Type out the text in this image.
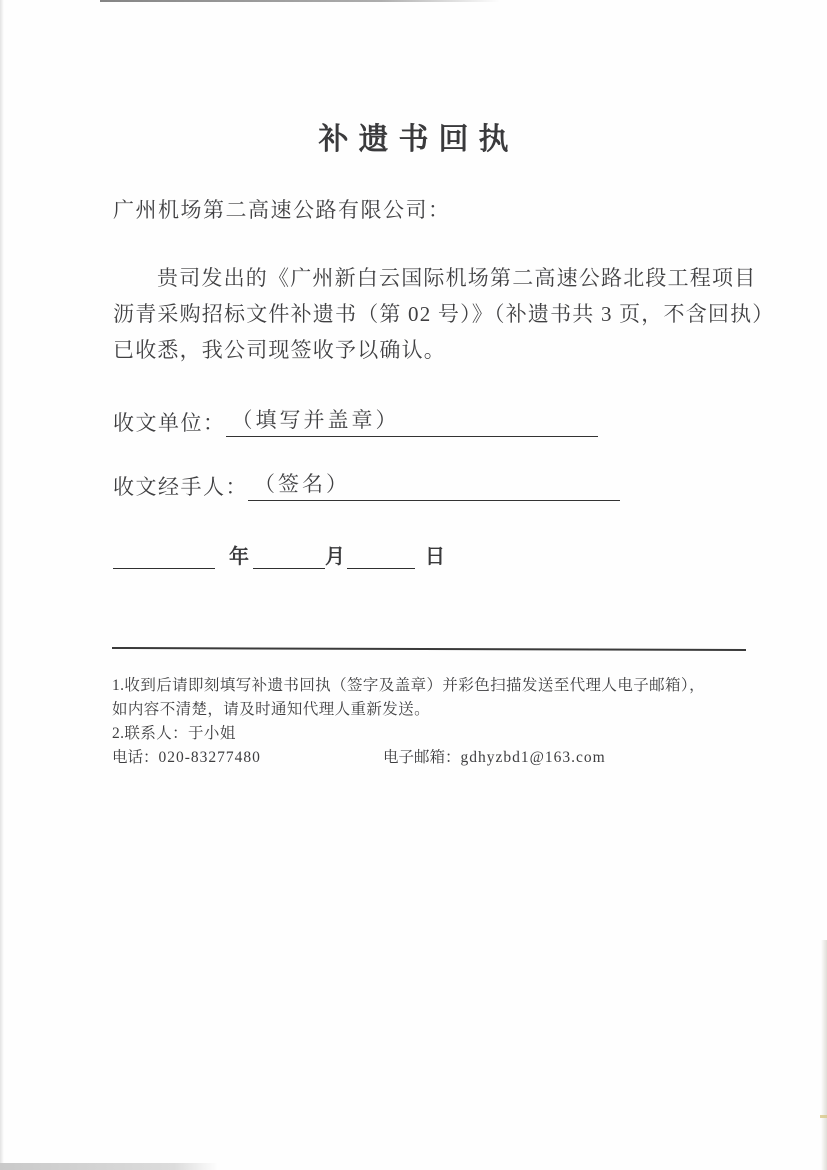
补遗书回执
广州机场第二高速公路有限公司：
贵司发出的《广州新白云国际机场第二高速公路北段工程项目
沥青采购招标文件补遗书（第 02 号）》（补遗书共 3 页，不含回执）
已收悉，我公司现签收予以确认。
收文单位： （填写并盖章）
收文经手人： （签名）
年	月	日
1.收到后请即刻填写补遗书回执（签字及盖章）并彩色扫描发送至代理人电子邮箱），
如内容不清楚，请及时通知代理人重新发送。
2.联系人：于小姐
电话：020-83277480	电子邮箱：gdhyzbd1@163.com
